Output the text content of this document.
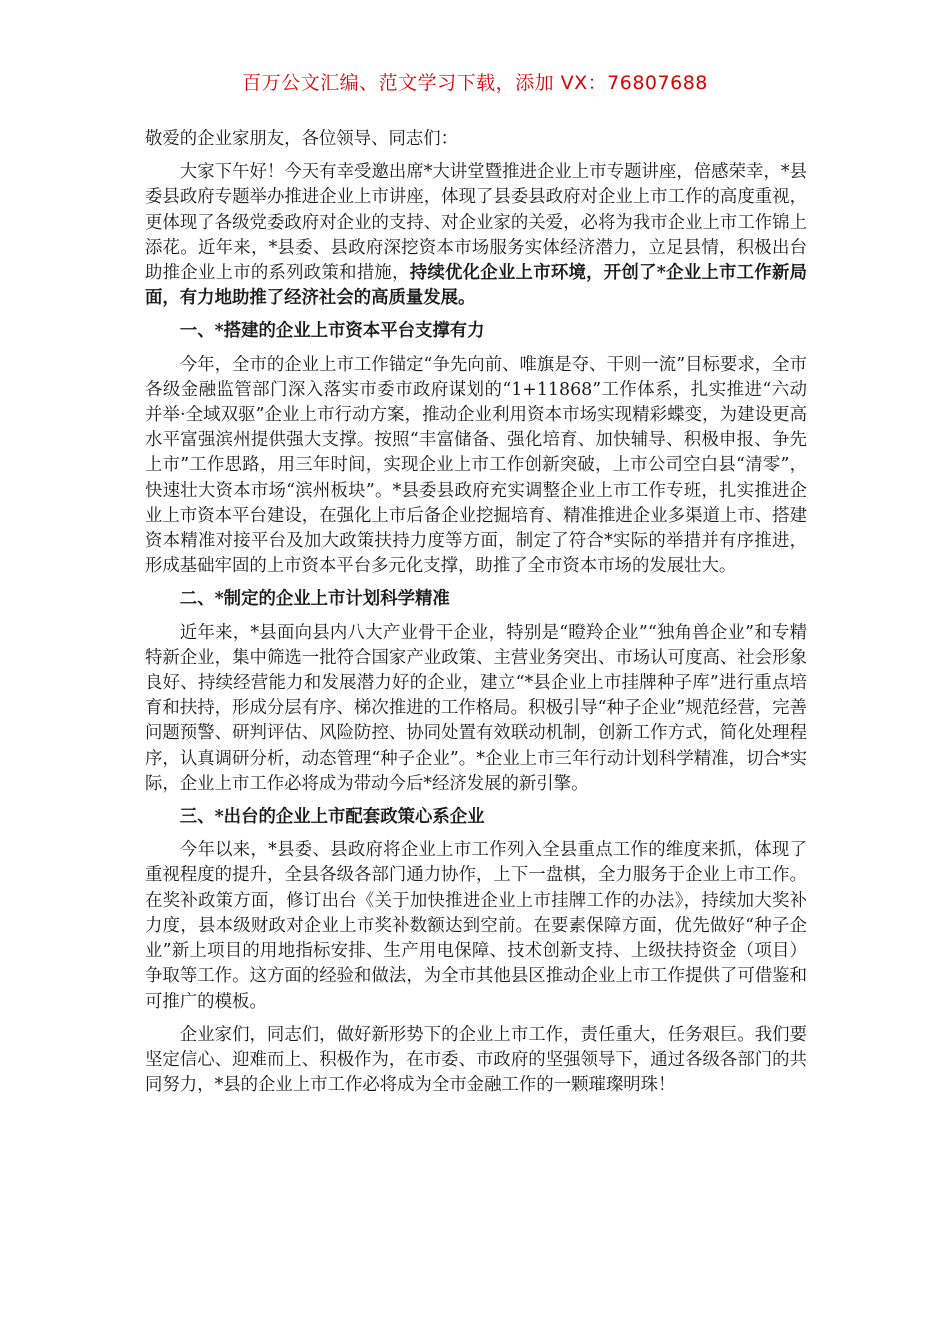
百万公文汇编、范文学习下载，添加 VX：76807688

敬爱的企业家朋友，各位领导、同志们：

大家下午好！今天有幸受邀出席*大讲堂暨推进企业上市专题讲座，倍感荣幸，*县委县政府专题举办推进企业上市讲座，体现了县委县政府对企业上市工作的高度重视，更体现了各级党委政府对企业的支持、对企业家的关爱，必将为我市企业上市工作锦上添花。近年来，*县委、县政府深挖资本市场服务实体经济潜力，立足县情，积极出台助推企业上市的系列政策和措施，持续优化企业上市环境，开创了*企业上市工作新局面，有力地助推了经济社会的高质量发展。

一、*搭建的企业上市资本平台支撑有力

今年，全市的企业上市工作锚定“争先向前、唯旗是夺、干则一流”目标要求，全市各级金融监管部门深入落实市委市政府谋划的“1+11868”工作体系，扎实推进“六动并举·全域双驱”企业上市行动方案，推动企业利用资本市场实现精彩蝶变，为建设更高水平富强滨州提供强大支撑。按照“丰富储备、强化培育、加快辅导、积极申报、争先上市”工作思路，用三年时间，实现企业上市工作创新突破，上市公司空白县“清零”，快速壮大资本市场“滨州板块”。*县委县政府充实调整企业上市工作专班，扎实推进企业上市资本平台建设，在强化上市后备企业挖掘培育、精准推进企业多渠道上市、搭建资本精准对接平台及加大政策扶持力度等方面，制定了符合*实际的举措并有序推进，形成基础牢固的上市资本平台多元化支撑，助推了全市资本市场的发展壮大。

二、*制定的企业上市计划科学精准

近年来，*县面向县内八大产业骨干企业，特别是“瞪羚企业”“独角兽企业”和专精特新企业，集中筛选一批符合国家产业政策、主营业务突出、市场认可度高、社会形象良好、持续经营能力和发展潜力好的企业，建立“*县企业上市挂牌种子库”进行重点培育和扶持，形成分层有序、梯次推进的工作格局。积极引导“种子企业”规范经营，完善问题预警、研判评估、风险防控、协同处置有效联动机制，创新工作方式，简化处理程序，认真调研分析，动态管理“种子企业”。*企业上市三年行动计划科学精准，切合*实际，企业上市工作必将成为带动今后*经济发展的新引擎。

三、*出台的企业上市配套政策心系企业

今年以来，*县委、县政府将企业上市工作列入全县重点工作的维度来抓，体现了重视程度的提升，全县各级各部门通力协作，上下一盘棋，全力服务于企业上市工作。在奖补政策方面，修订出台《关于加快推进企业上市挂牌工作的办法》，持续加大奖补力度，县本级财政对企业上市奖补数额达到空前。在要素保障方面，优先做好“种子企业”新上项目的用地指标安排、生产用电保障、技术创新支持、上级扶持资金（项目）争取等工作。这方面的经验和做法，为全市其他县区推动企业上市工作提供了可借鉴和可推广的模板。

企业家们，同志们，做好新形势下的企业上市工作，责任重大，任务艰巨。我们要坚定信心、迎难而上、积极作为，在市委、市政府的坚强领导下，通过各级各部门的共同努力，*县的企业上市工作必将成为全市金融工作的一颗璀璨明珠！
